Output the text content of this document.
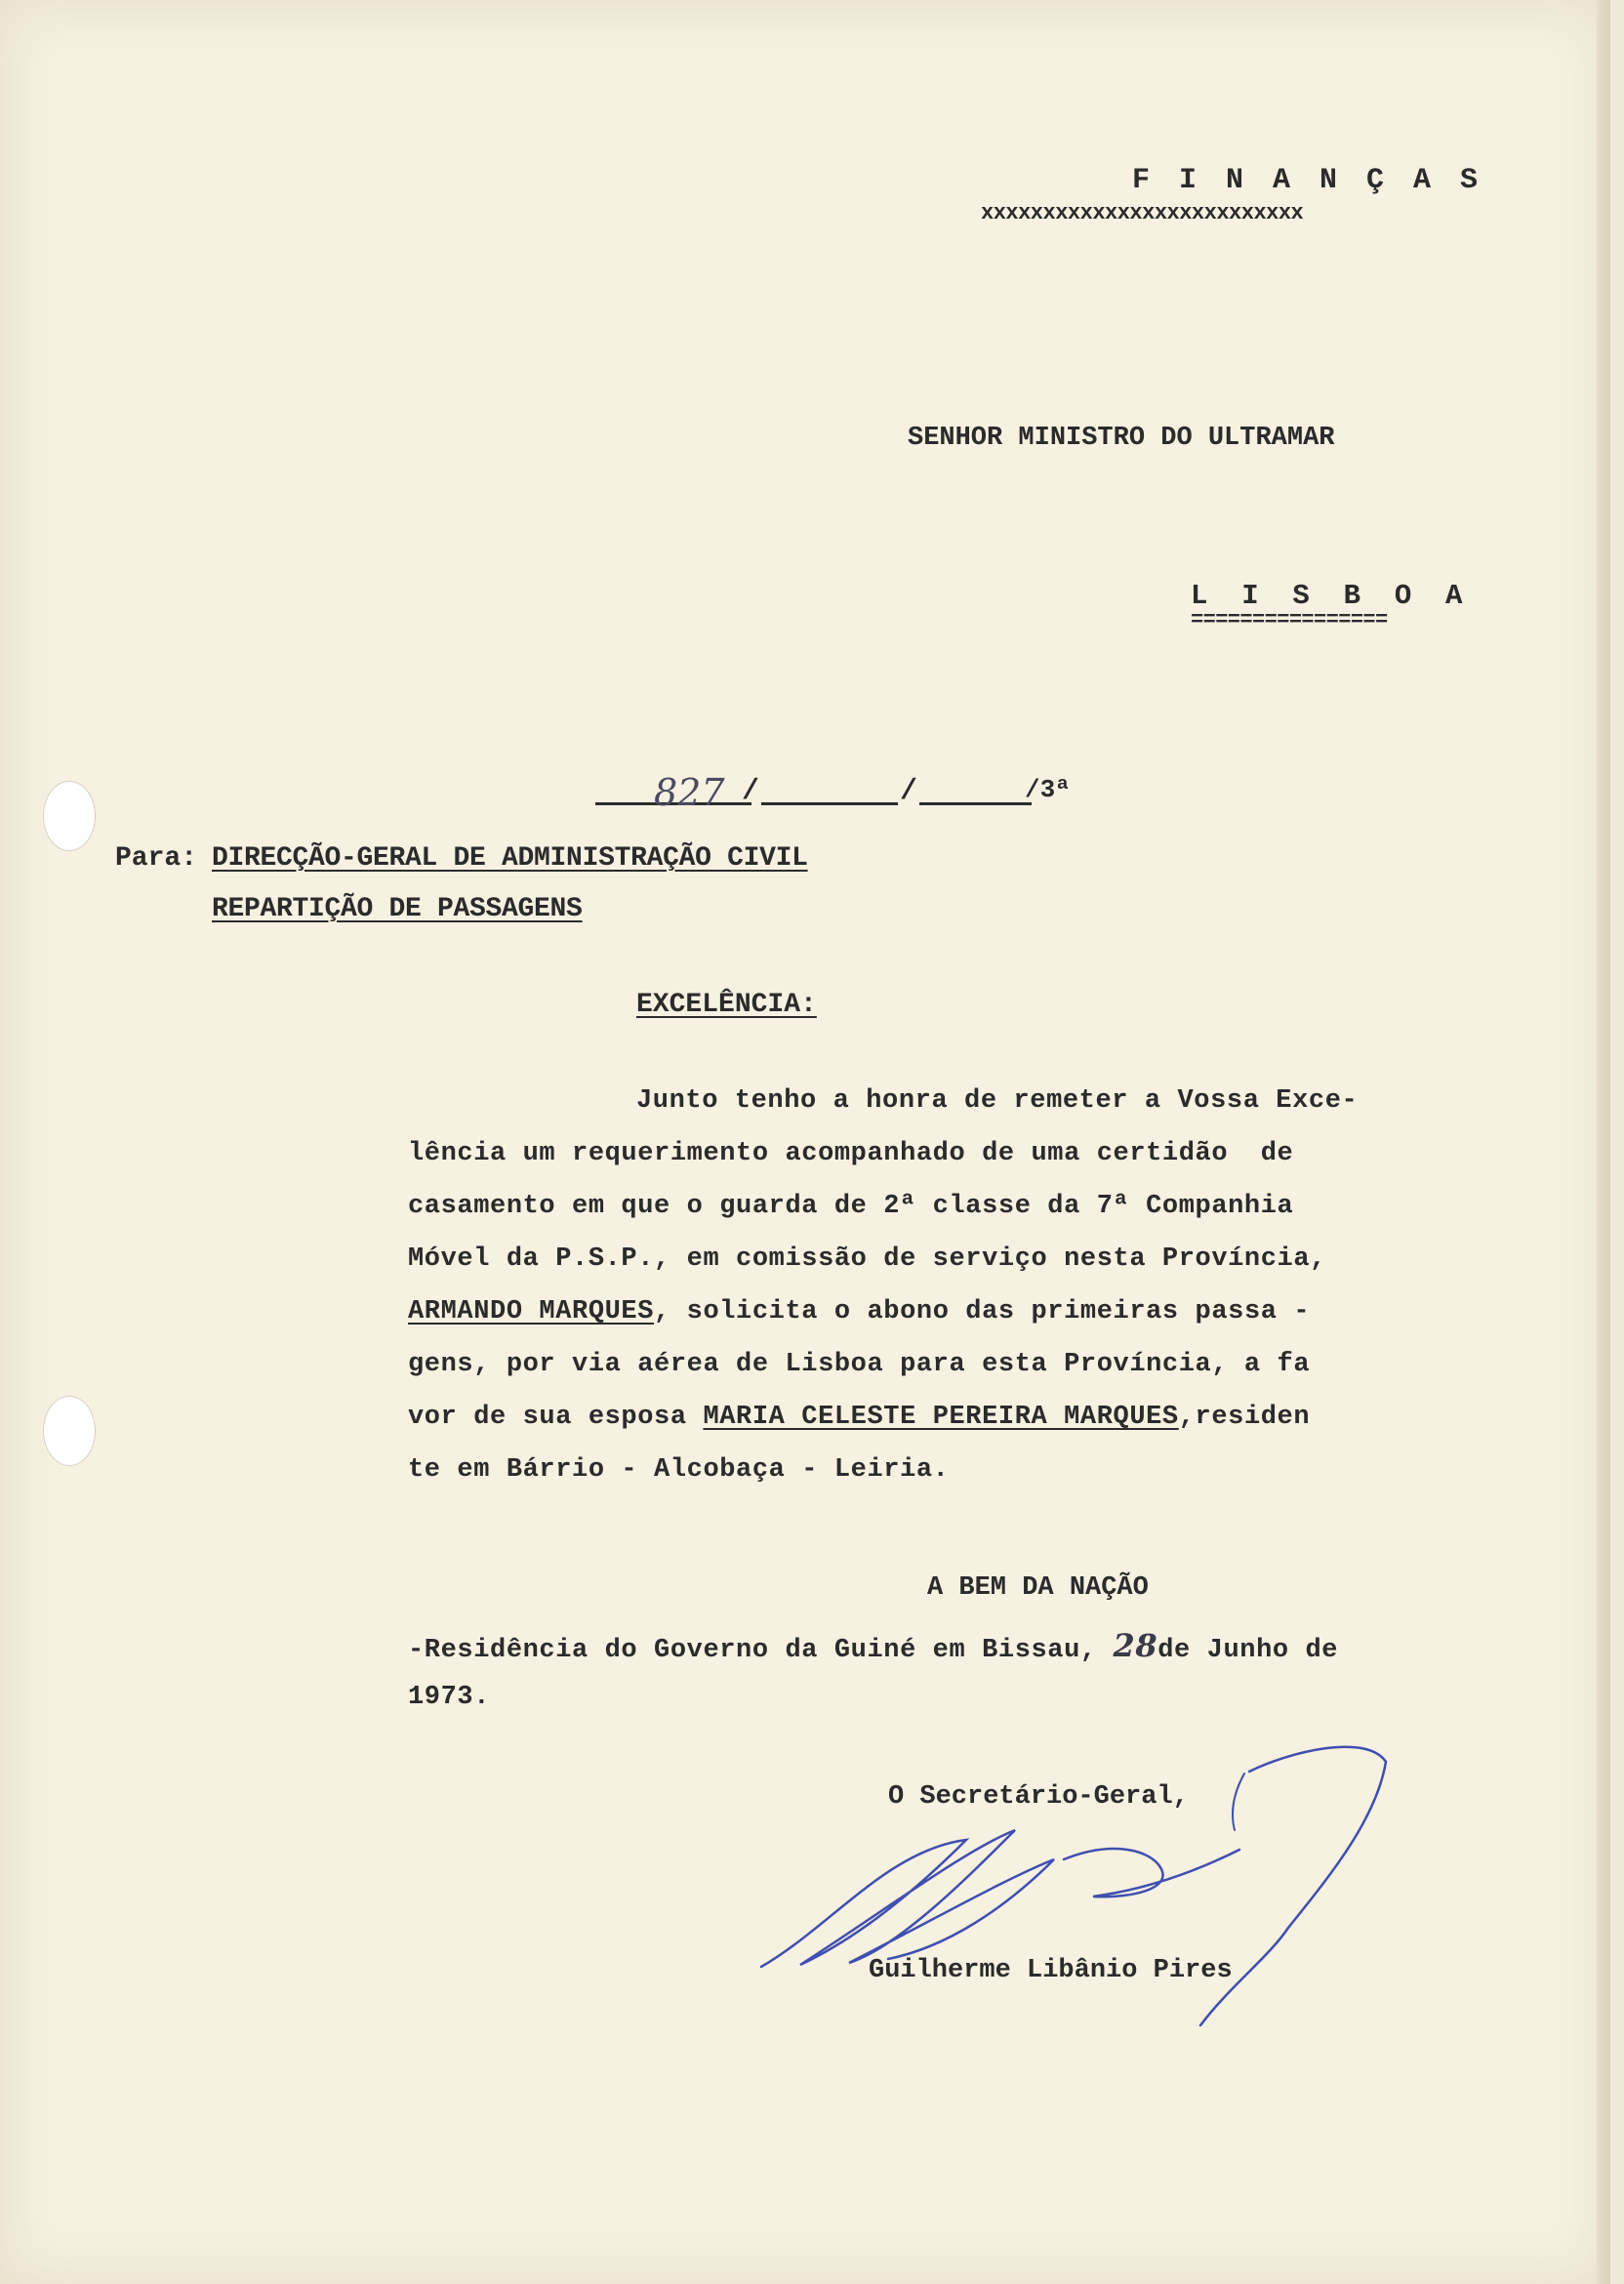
F I N A N Ç A S
xxxxxxxxxxxxxxxxxxxxxxxxxx
SENHOR MINISTRO DO ULTRAMAR
L  I  S  B  O  A
================
827 /	/	/3ª
Para: DIRECÇÃO-GERAL DE ADMINISTRAÇÃO CIVIL
REPARTIÇÃO DE PASSAGENS
EXCELÊNCIA:
Junto tenho a honra de remeter a Vossa Exce-
lência um requerimento acompanhado de uma certidão  de
casamento em que o guarda de 2ª classe da 7ª Companhia
Móvel da P.S.P., em comissão de serviço nesta Província,
ARMANDO MARQUES, solicita o abono das primeiras passa -
gens, por via aérea de Lisboa para esta Província, a fa
vor de sua esposa MARIA CELESTE PEREIRA MARQUES,residen
te em Bárrio - Alcobaça - Leiria.
A BEM DA NAÇÃO
-Residência do Governo da Guiné em Bissau, 28de Junho de
1973.
O Secretário-Geral,
Guilherme Libânio Pires
